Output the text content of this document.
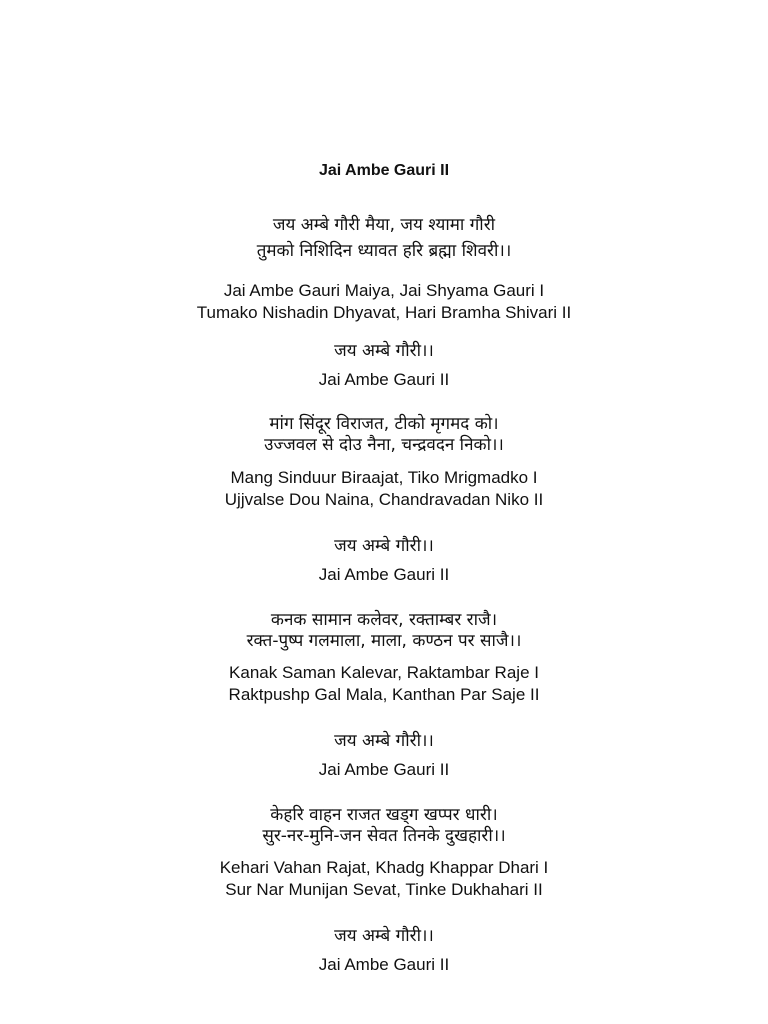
Jai Ambe Gauri II
जय अम्बे गौरी मैया, जय श्यामा गौरी
तुमको निशिदिन ध्यावत हरि ब्रह्मा शिवरी।।
Jai Ambe Gauri Maiya, Jai Shyama Gauri I
Tumako Nishadin Dhyavat, Hari Bramha Shivari II
जय अम्बे गौरी।।
Jai Ambe Gauri II
मांग सिंदूर विराजत, टीको मृगमद को।
उज्जवल से दोउ नैना, चन्द्रवदन निको।।
Mang Sinduur Biraajat, Tiko Mrigmadko I
Ujjvalse Dou Naina, Chandravadan Niko II
जय अम्बे गौरी।।
Jai Ambe Gauri II
कनक सामान कलेवर, रक्ताम्बर राजै।
रक्त-पुष्प गलमाला, माला, कण्ठन पर साजै।।
Kanak Saman Kalevar, Raktambar Raje I
Raktpushp Gal Mala, Kanthan Par Saje II
जय अम्बे गौरी।।
Jai Ambe Gauri II
केहरि वाहन राजत खड्ग खप्पर धारी।
सुर-नर-मुनि-जन सेवत तिनके दुखहारी।।
Kehari Vahan Rajat, Khadg Khappar Dhari I
Sur Nar Munijan Sevat, Tinke Dukhahari II
जय अम्बे गौरी।।
Jai Ambe Gauri II
